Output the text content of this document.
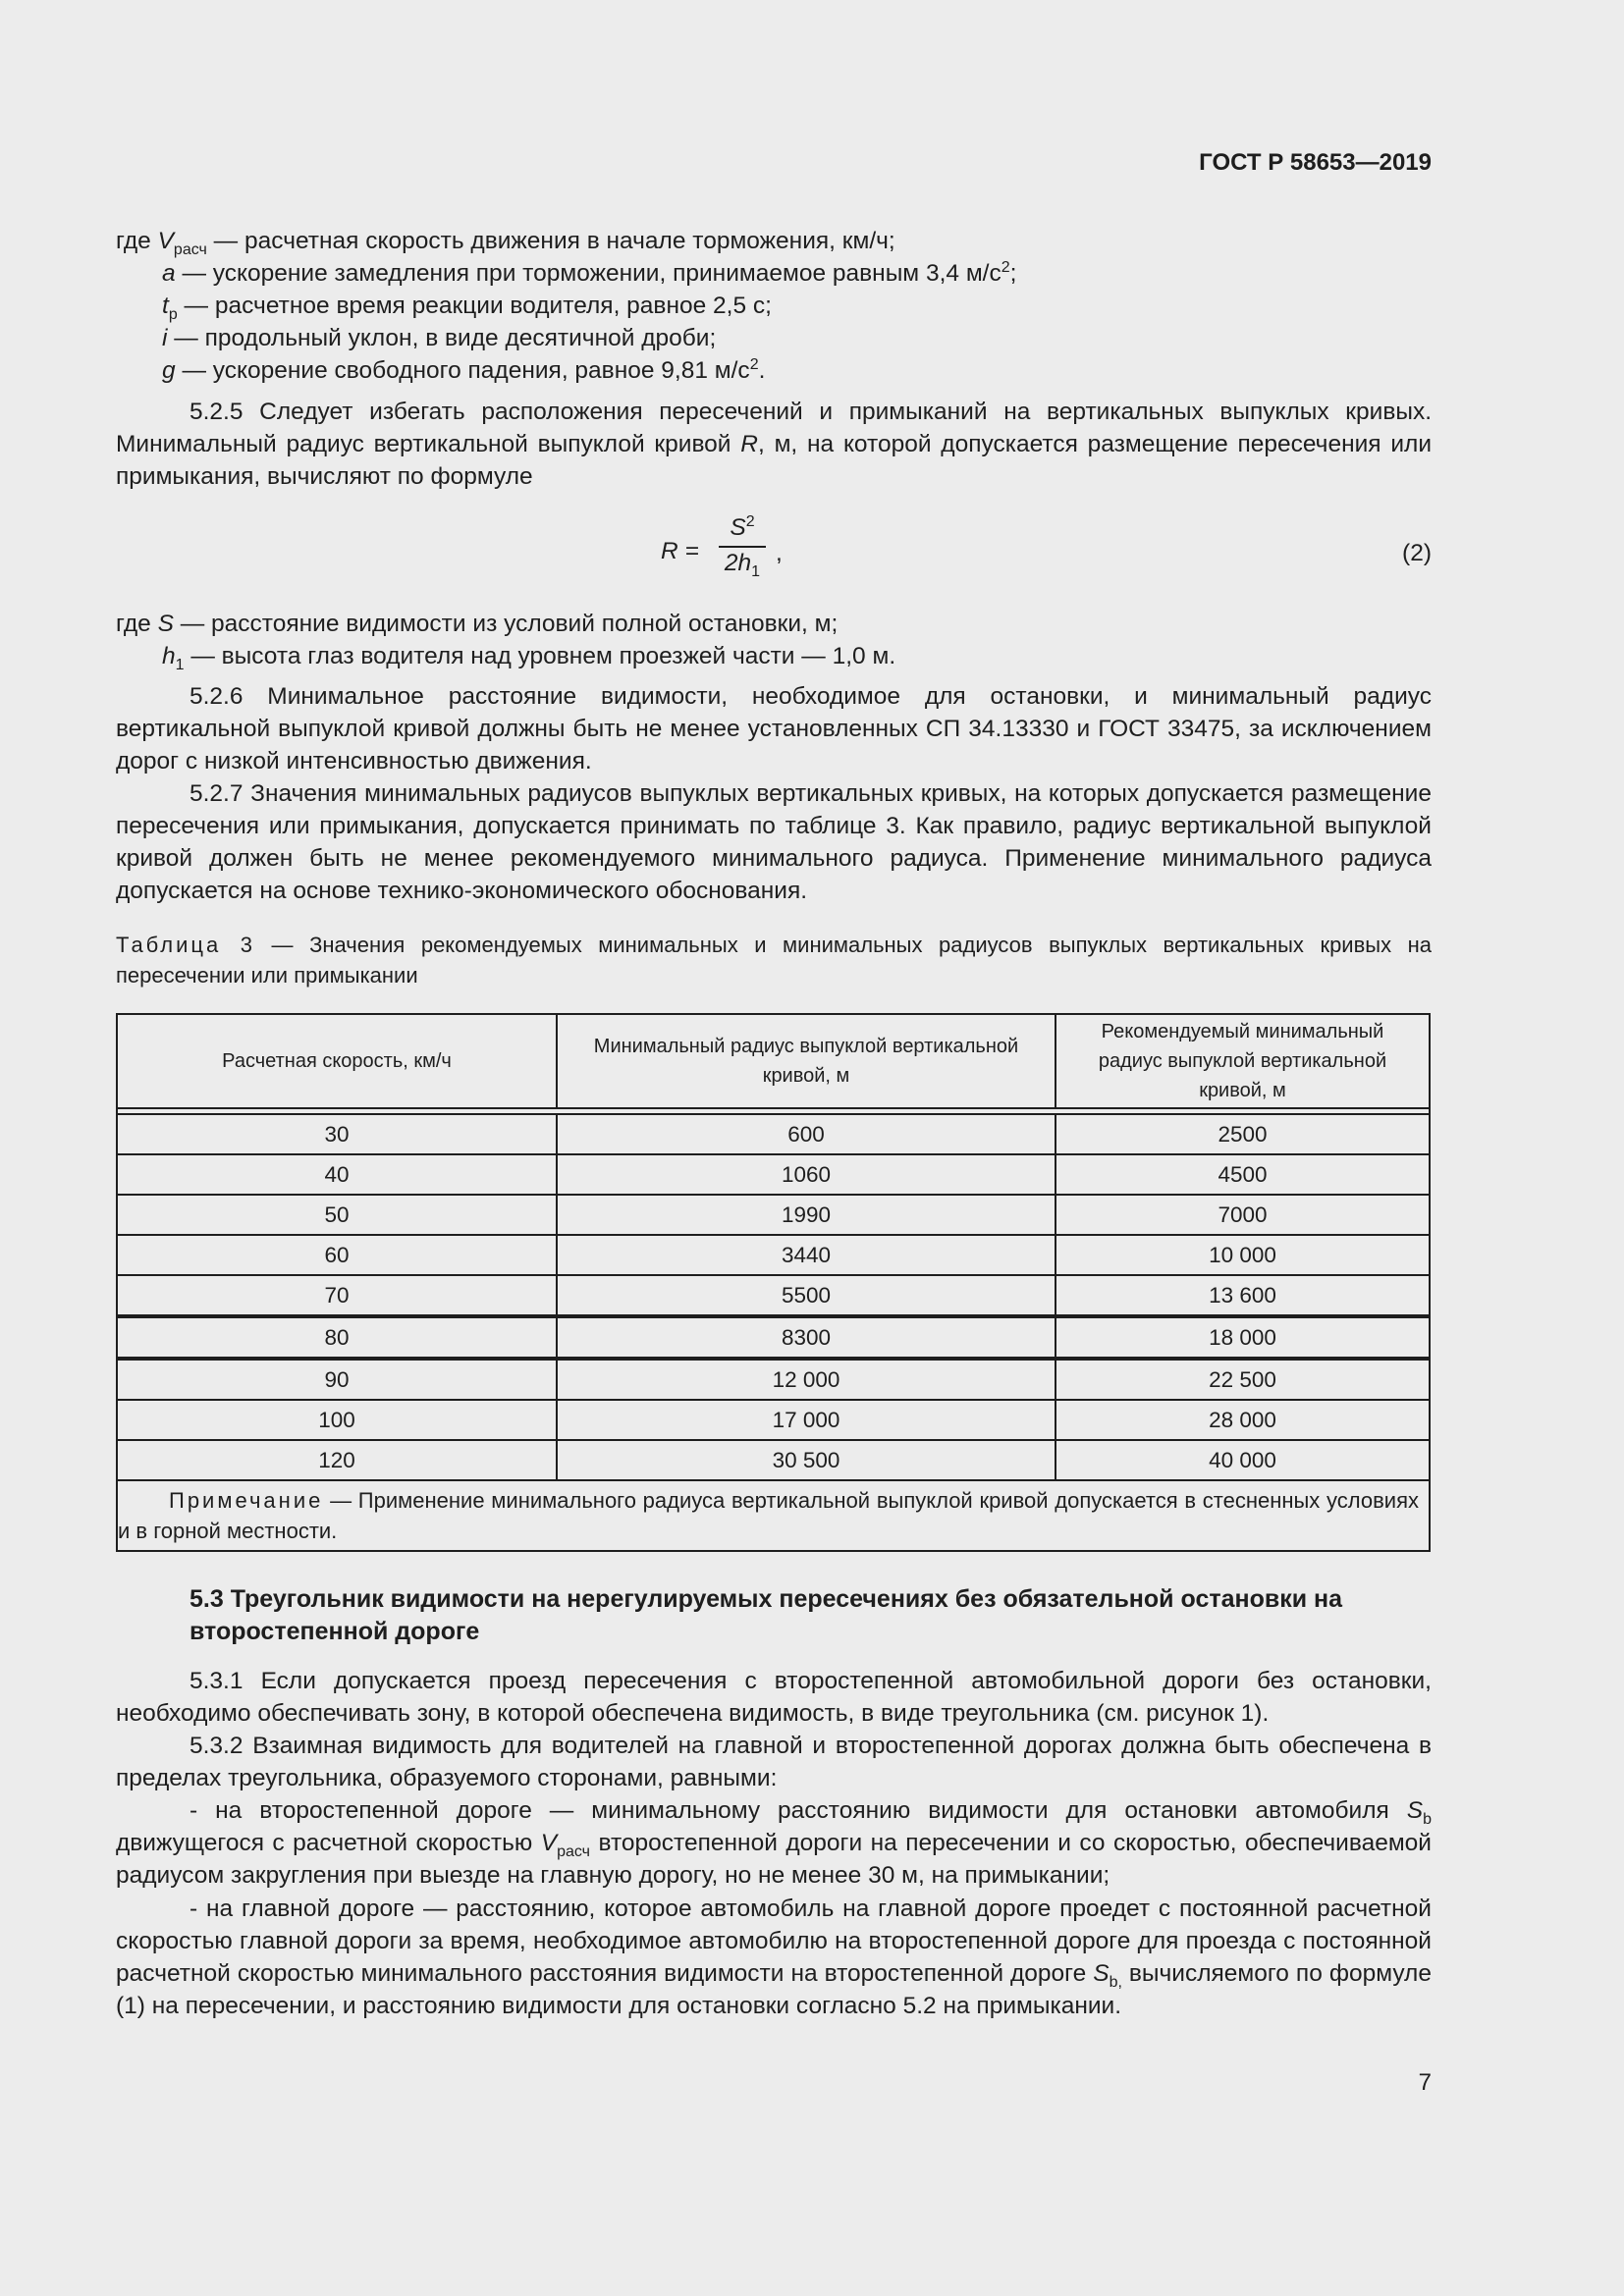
ГОСТ Р 58653—2019
где $V_{расч}$ — расчетная скорость движения в начале торможения, км/ч;
a — ускорение замедления при торможении, принимаемое равным 3,4 $м/с^2$;
$t_р$ — расчетное время реакции водителя, равное 2,5 с;
i — продольный уклон, в виде десятичной дроби;
g — ускорение свободного падения, равное 9,81 $м/с^2$.
5.2.5 Следует избегать расположения пересечений и примыканий на вертикальных выпуклых кривых. Минимальный радиус вертикальной выпуклой кривой R, м, на которой допускается размещение пересечения или примыкания, вычисляют по формуле
R =
$S^2$
$2h_1$
,	(2)
где S — расстояние видимости из условий полной остановки, м;
$h_1$ — высота глаз водителя над уровнем проезжей части — 1,0 м.
5.2.6 Минимальное расстояние видимости, необходимое для остановки, и минимальный радиус вертикальной выпуклой кривой должны быть не менее установленных СП 34.13330 и ГОСТ 33475, за исключением дорог с низкой интенсивностью движения.
5.2.7 Значения минимальных радиусов выпуклых вертикальных кривых, на которых допускается размещение пересечения или примыкания, допускается принимать по таблице 3. Как правило, радиус вертикальной выпуклой кривой должен быть не менее рекомендуемого минимального радиуса. Применение минимального радиуса допускается на основе технико-экономического обоснования.
Таблица 3 — Значения рекомендуемых минимальных и минимальных радиусов выпуклых вертикальных кривых на пересечении или примыкании
Расчетная скорость, км/ч	Минимальный радиус выпуклой вертикальной кривой, м	Рекомендуемый минимальный радиус выпуклой вертикальной кривой, м

30	600	2500
40	1060	4500
50	1990	7000
60	3440	10 000
70	5500	13 600
80	8300	18 000
90	12 000	22 500
100	17 000	28 000
120	30 500	40 000
Примечание — Применение минимального радиуса вертикальной выпуклой кривой допускается в стесненных условиях и в горной местности.		
5.3 Треугольник видимости на нерегулируемых пересечениях без обязательной остановки на второстепенной дороге
5.3.1 Если допускается проезд пересечения с второстепенной автомобильной дороги без остановки, необходимо обеспечивать зону, в которой обеспечена видимость, в виде треугольника (см. рисунок 1).
5.3.2 Взаимная видимость для водителей на главной и второстепенной дорогах должна быть обеспечена в пределах треугольника, образуемого сторонами, равными:
- на второстепенной дороге — минимальному расстоянию видимости для остановки автомобиля $S_b$ движущегося с расчетной скоростью $V_{расч}$ второстепенной дороги на пересечении и со скоростью, обеспечиваемой радиусом закругления при выезде на главную дорогу, но не менее 30 м, на примыкании;
- на главной дороге — расстоянию, которое автомобиль на главной дороге проедет с постоянной расчетной скоростью главной дороги за время, необходимое автомобилю на второстепенной дороге для проезда с постоянной расчетной скоростью минимального расстояния видимости на второстепенной дороге $S_{b,}$ вычисляемого по формуле (1) на пересечении, и расстоянию видимости для остановки согласно 5.2 на примыкании.
7
